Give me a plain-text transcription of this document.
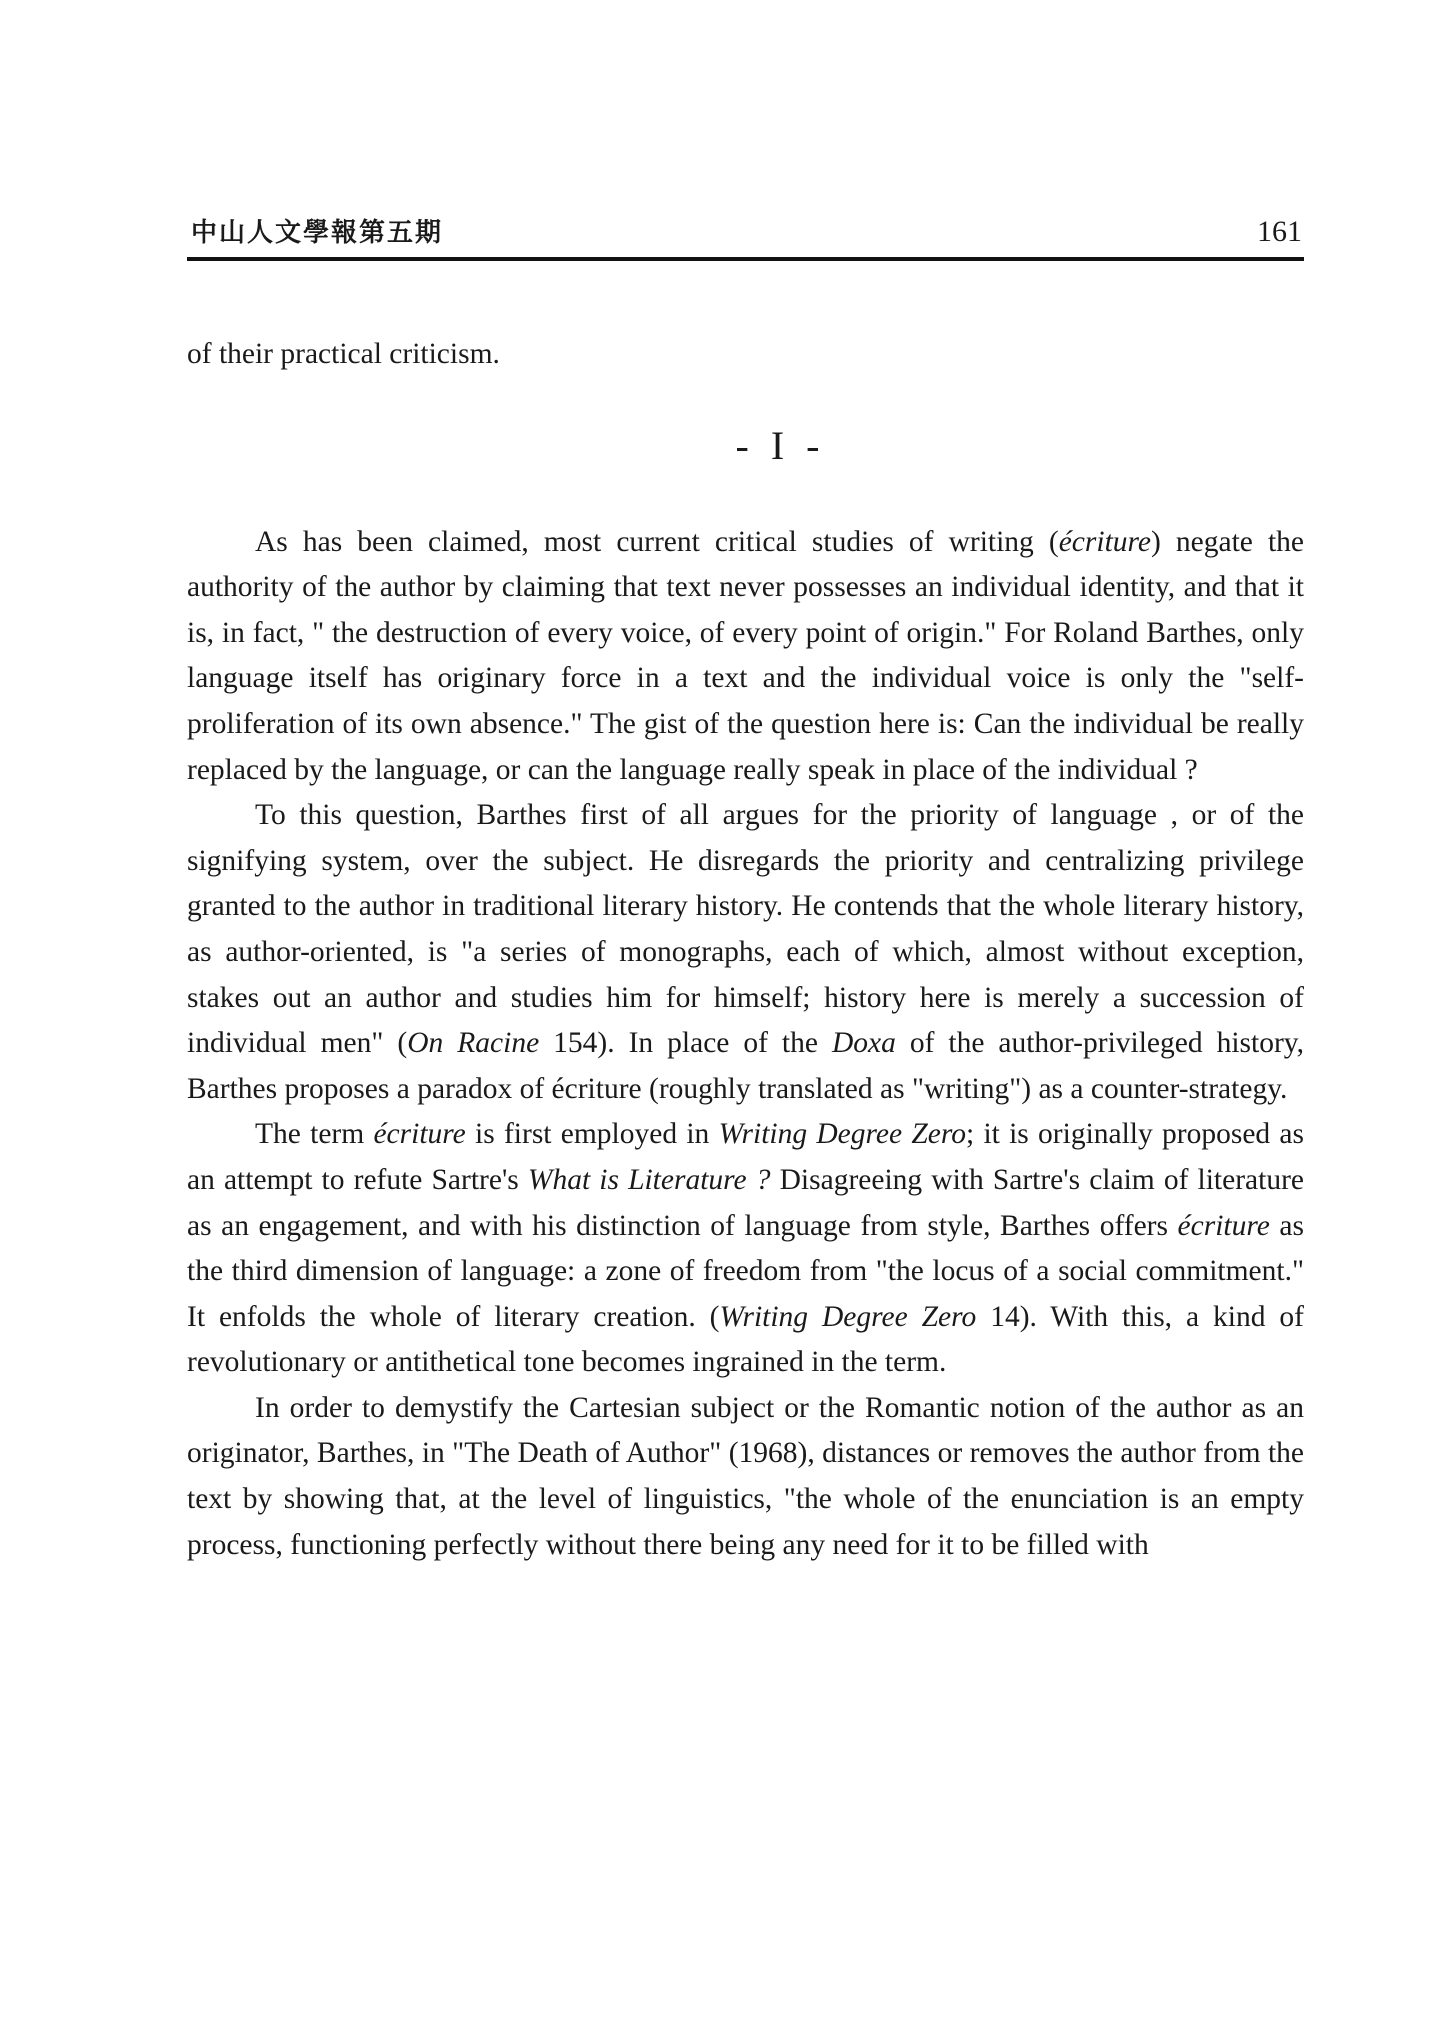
中山人文學報第五期	161

of their practical criticism.

- I -

As has been claimed, most current critical studies of writing (écriture) negate the authority of the author by claiming that text never possesses an individual identity, and that it is, in fact, " the destruction of every voice, of every point of origin." For Roland Barthes, only language itself has originary force in a text and the individual voice is only the "self-proliferation of its own absence." The gist of the question here is: Can the individual be really replaced by the language, or can the language really speak in place of the individual ?

To this question, Barthes first of all argues for the priority of language , or of the signifying system, over the subject. He disregards the priority and centralizing privilege granted to the author in traditional literary history. He contends that the whole literary history, as author-oriented, is "a series of monographs, each of which, almost without exception, stakes out an author and studies him for himself; history here is merely a succession of individual men" (On Racine 154). In place of the Doxa of the author-privileged history, Barthes proposes a paradox of écriture (roughly translated as "writing") as a counter-strategy.

The term écriture is first employed in Writing Degree Zero; it is originally proposed as an attempt to refute Sartre's What is Literature ? Disagreeing with Sartre's claim of literature as an engagement, and with his distinction of language from style, Barthes offers écriture as the third dimension of language: a zone of freedom from "the locus of a social commitment." It enfolds the whole of literary creation. (Writing Degree Zero 14). With this, a kind of revolutionary or antithetical tone becomes ingrained in the term.

In order to demystify the Cartesian subject or the Romantic notion of the author as an originator, Barthes, in "The Death of Author" (1968), distances or removes the author from the text by showing that, at the level of linguistics, "the whole of the enunciation is an empty process, functioning perfectly without there being any need for it to be filled with
